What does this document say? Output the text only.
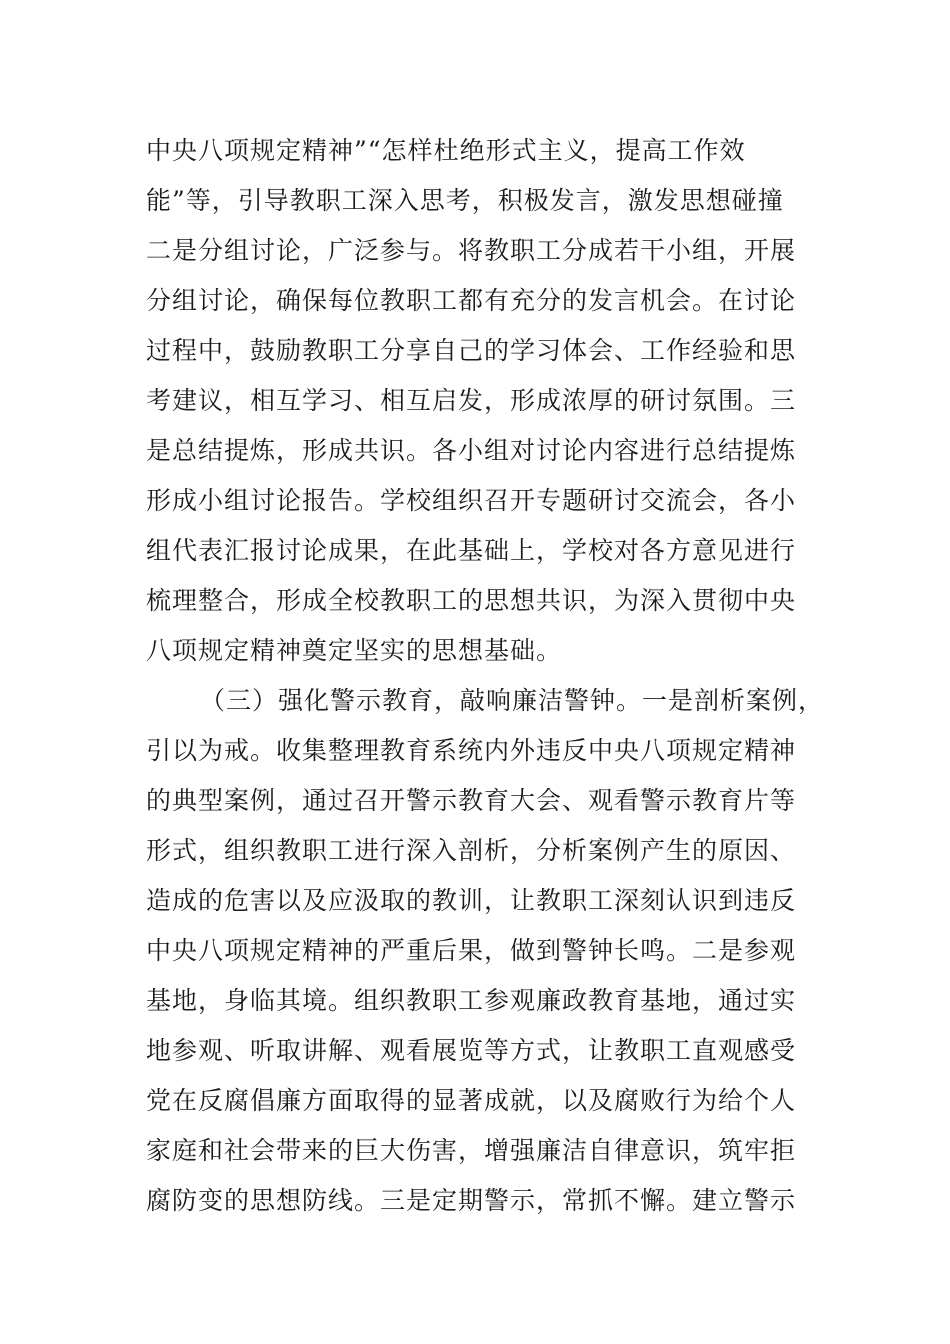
中央八项规定精神”“怎样杜绝形式主义，提高工作效
能”等，引导教职工深入思考，积极发言，激发思想碰撞
二是分组讨论，广泛参与。将教职工分成若干小组，开展
分组讨论，确保每位教职工都有充分的发言机会。在讨论
过程中，鼓励教职工分享自己的学习体会、工作经验和思
考建议，相互学习、相互启发，形成浓厚的研讨氛围。三
是总结提炼，形成共识。各小组对讨论内容进行总结提炼
形成小组讨论报告。学校组织召开专题研讨交流会，各小
组代表汇报讨论成果，在此基础上，学校对各方意见进行
梳理整合，形成全校教职工的思想共识，为深入贯彻中央
八项规定精神奠定坚实的思想基础。
（三）强化警示教育，敲响廉洁警钟。一是剖析案例，
引以为戒。收集整理教育系统内外违反中央八项规定精神
的典型案例，通过召开警示教育大会、观看警示教育片等
形式，组织教职工进行深入剖析，分析案例产生的原因、
造成的危害以及应汲取的教训，让教职工深刻认识到违反
中央八项规定精神的严重后果，做到警钟长鸣。二是参观
基地，身临其境。组织教职工参观廉政教育基地，通过实
地参观、听取讲解、观看展览等方式，让教职工直观感受
党在反腐倡廉方面取得的显著成就，以及腐败行为给个人
家庭和社会带来的巨大伤害，增强廉洁自律意识，筑牢拒
腐防变的思想防线。三是定期警示，常抓不懈。建立警示
